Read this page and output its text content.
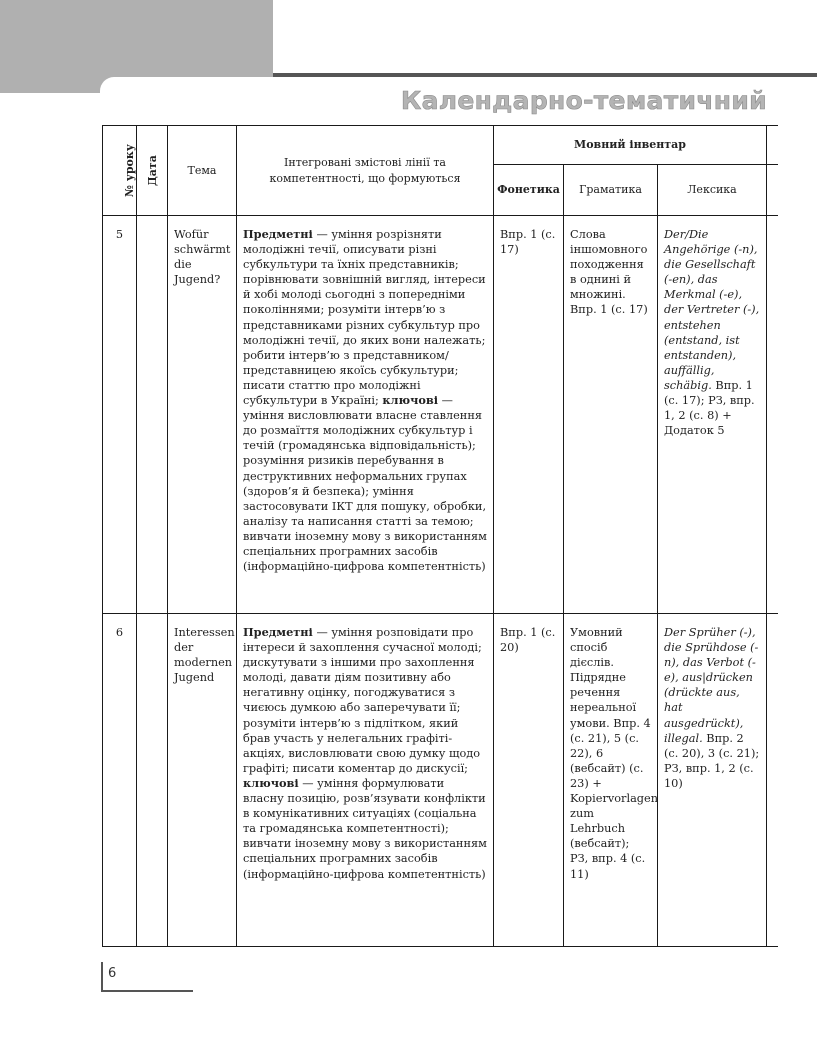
Календарно-тематичний
№ уроку	Дата	Тема	Інтегровані змістові лінії та компетентності, що формуються	Мовний інвентар		
				Фонетика	Граматика	Лексика
5		Wofür schwärmt die Jugend?	Предметні — уміння розрізняти молодіжні течії, описувати різні субкультури та їхніх представників; порівнювати зовнішній вигляд, інтереси й хобі молоді сьогодні з попередніми поколіннями; розуміти інтерв’ю з представниками різних субкультур про молодіжні течії, до яких вони належать; робити інтерв’ю з представником/представницею якоїсь субкультури; писати статтю про молодіжні субкультури в Україні; ключові — уміння висловлювати власне ставлення до розмаїття молодіжних субкультур і течій (громадянська відповідальність); розуміння ризиків перебування в деструктивних неформальних групах (здоров’я й безпека); уміння застосовувати ІКТ для пошуку, обробки, аналізу та написання статті за темою; вивчати іноземну мову з використанням спеціальних програмних засобів (інформаційно-цифрова компетентність)	Впр. 1 (с. 17)	Слова іншомовного походження в однині й множині. Впр. 1 (с. 17)	Der/Die Angehörige (-n), die Gesellschaft (-en), das Merkmal (-e), der Vertreter (-), entstehen (entstand, ist entstanden), auffällig, schäbig. Впр. 1 (с. 17); РЗ, впр. 1, 2 (с. 8) + Додаток 5
6		Interessen der modernen Jugend	Предметні — уміння розповідати про інтереси й захоплення сучасної молоді; дискутувати з іншими про захоплення молоді, давати діям позитивну або негативну оцінку, погоджуватися з чиєюсь думкою або заперечувати її; розуміти інтерв’ю з підлітком, який брав участь у нелегальних графіті-акціях, висловлювати свою думку щодо графіті; писати коментар до дискусії; ключові — уміння формулювати власну позицію, розв’язувати конфлікти в комунікативних ситуаціях (соціальна та громадянська компетентності); вивчати іноземну мову з використанням спеціальних програмних засобів (інформаційно-цифрова компетентність)	Впр. 1 (с. 20)	Умовний спосіб дієслів. Підрядне речення нереальної умови. Впр. 4 (с. 21), 5 (с. 22), 6 (вебсайт) (с. 23) + Kopiervorlagen zum Lehrbuch (вебсайт); РЗ, впр. 4 (с. 11)	Der Sprüher (-), die Sprühdose (-n), das Verbot (-e), aus|drücken (drückte aus, hat ausgedrückt), illegal. Впр. 2 (с. 20), 3 (с. 21); РЗ, впр. 1, 2 (с. 10)
6
